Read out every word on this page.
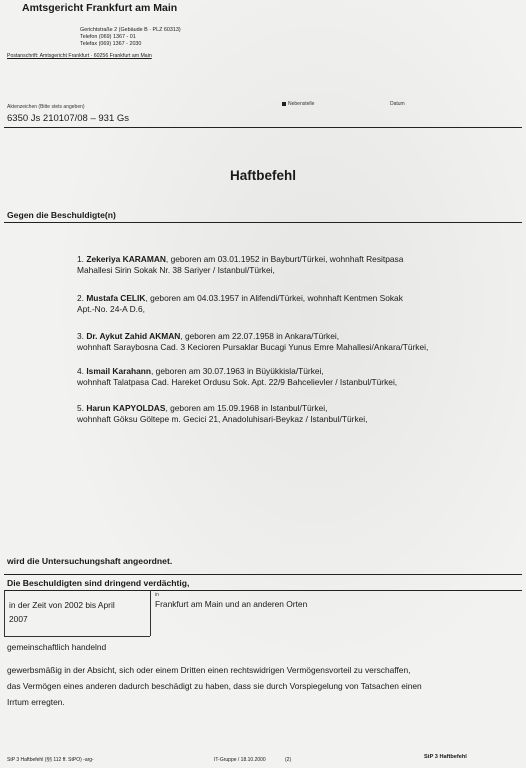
Amtsgericht Frankfurt am Main
Gerichtstraße 2 (Gebäude B · PLZ 60313)
Telefon (069) 1367 - 01
Telefax (069) 1367 - 2030
Postanschrift: Amtsgericht Frankfurt · 60256 Frankfurt am Main
Aktenzeichen (Bitte stets angeben)	Nebenstelle	Datum
6350 Js 210107/08 – 931 Gs
Haftbefehl
Gegen die Beschuldigte(n)
1. Zekeriya KARAMAN, geboren am 03.01.1952 in Bayburt/Türkei, wohnhaft Resitpasa
Mahallesi Sirin Sokak Nr. 38 Sariyer / Istanbul/Türkei,
2. Mustafa CELIK, geboren am 04.03.1957 in Alifendi/Türkei, wohnhaft Kentmen Sokak
Apt.-No. 24-A D.6,
3. Dr. Aykut Zahid AKMAN, geboren am 22.07.1958 in Ankara/Türkei,
wohnhaft Saraybosna Cad. 3 Kecioren Pursaklar Bucagi Yunus Emre Mahallesi/Ankara/Türkei,
4. Ismail Karahann, geboren am 30.07.1963 in Büyükkisla/Türkei,
wohnhaft Talatpasa Cad. Hareket Ordusu Sok. Apt. 22/9 Bahcelievler / Istanbul/Türkei,
5. Harun KAPYOLDAS, geboren am 15.09.1968 in Istanbul/Türkei,
wohnhaft Göksu Göltepe m. Gecici 21, Anadoluhisari-Beykaz / Istanbul/Türkei,
wird die Untersuchungshaft angeordnet.
Die Beschuldigten sind dringend verdächtig,
in der Zeit von 2002 bis April
2007
in
Frankfurt am Main und an anderen Orten
gemeinschaftlich handelnd
gewerbsmäßig in der Absicht, sich oder einem Dritten einen rechtswidrigen Vermögensvorteil zu verschaffen,
das Vermögen eines anderen dadurch beschädigt zu haben, dass sie durch Vorspiegelung von Tatsachen einen
Irrtum erregten.
StP 3 Haftbefehl (§§ 112 ff. StPO) -arg-	IT-Gruppe / 18.10.2000	(2)	StP 3 Haftbefehl
